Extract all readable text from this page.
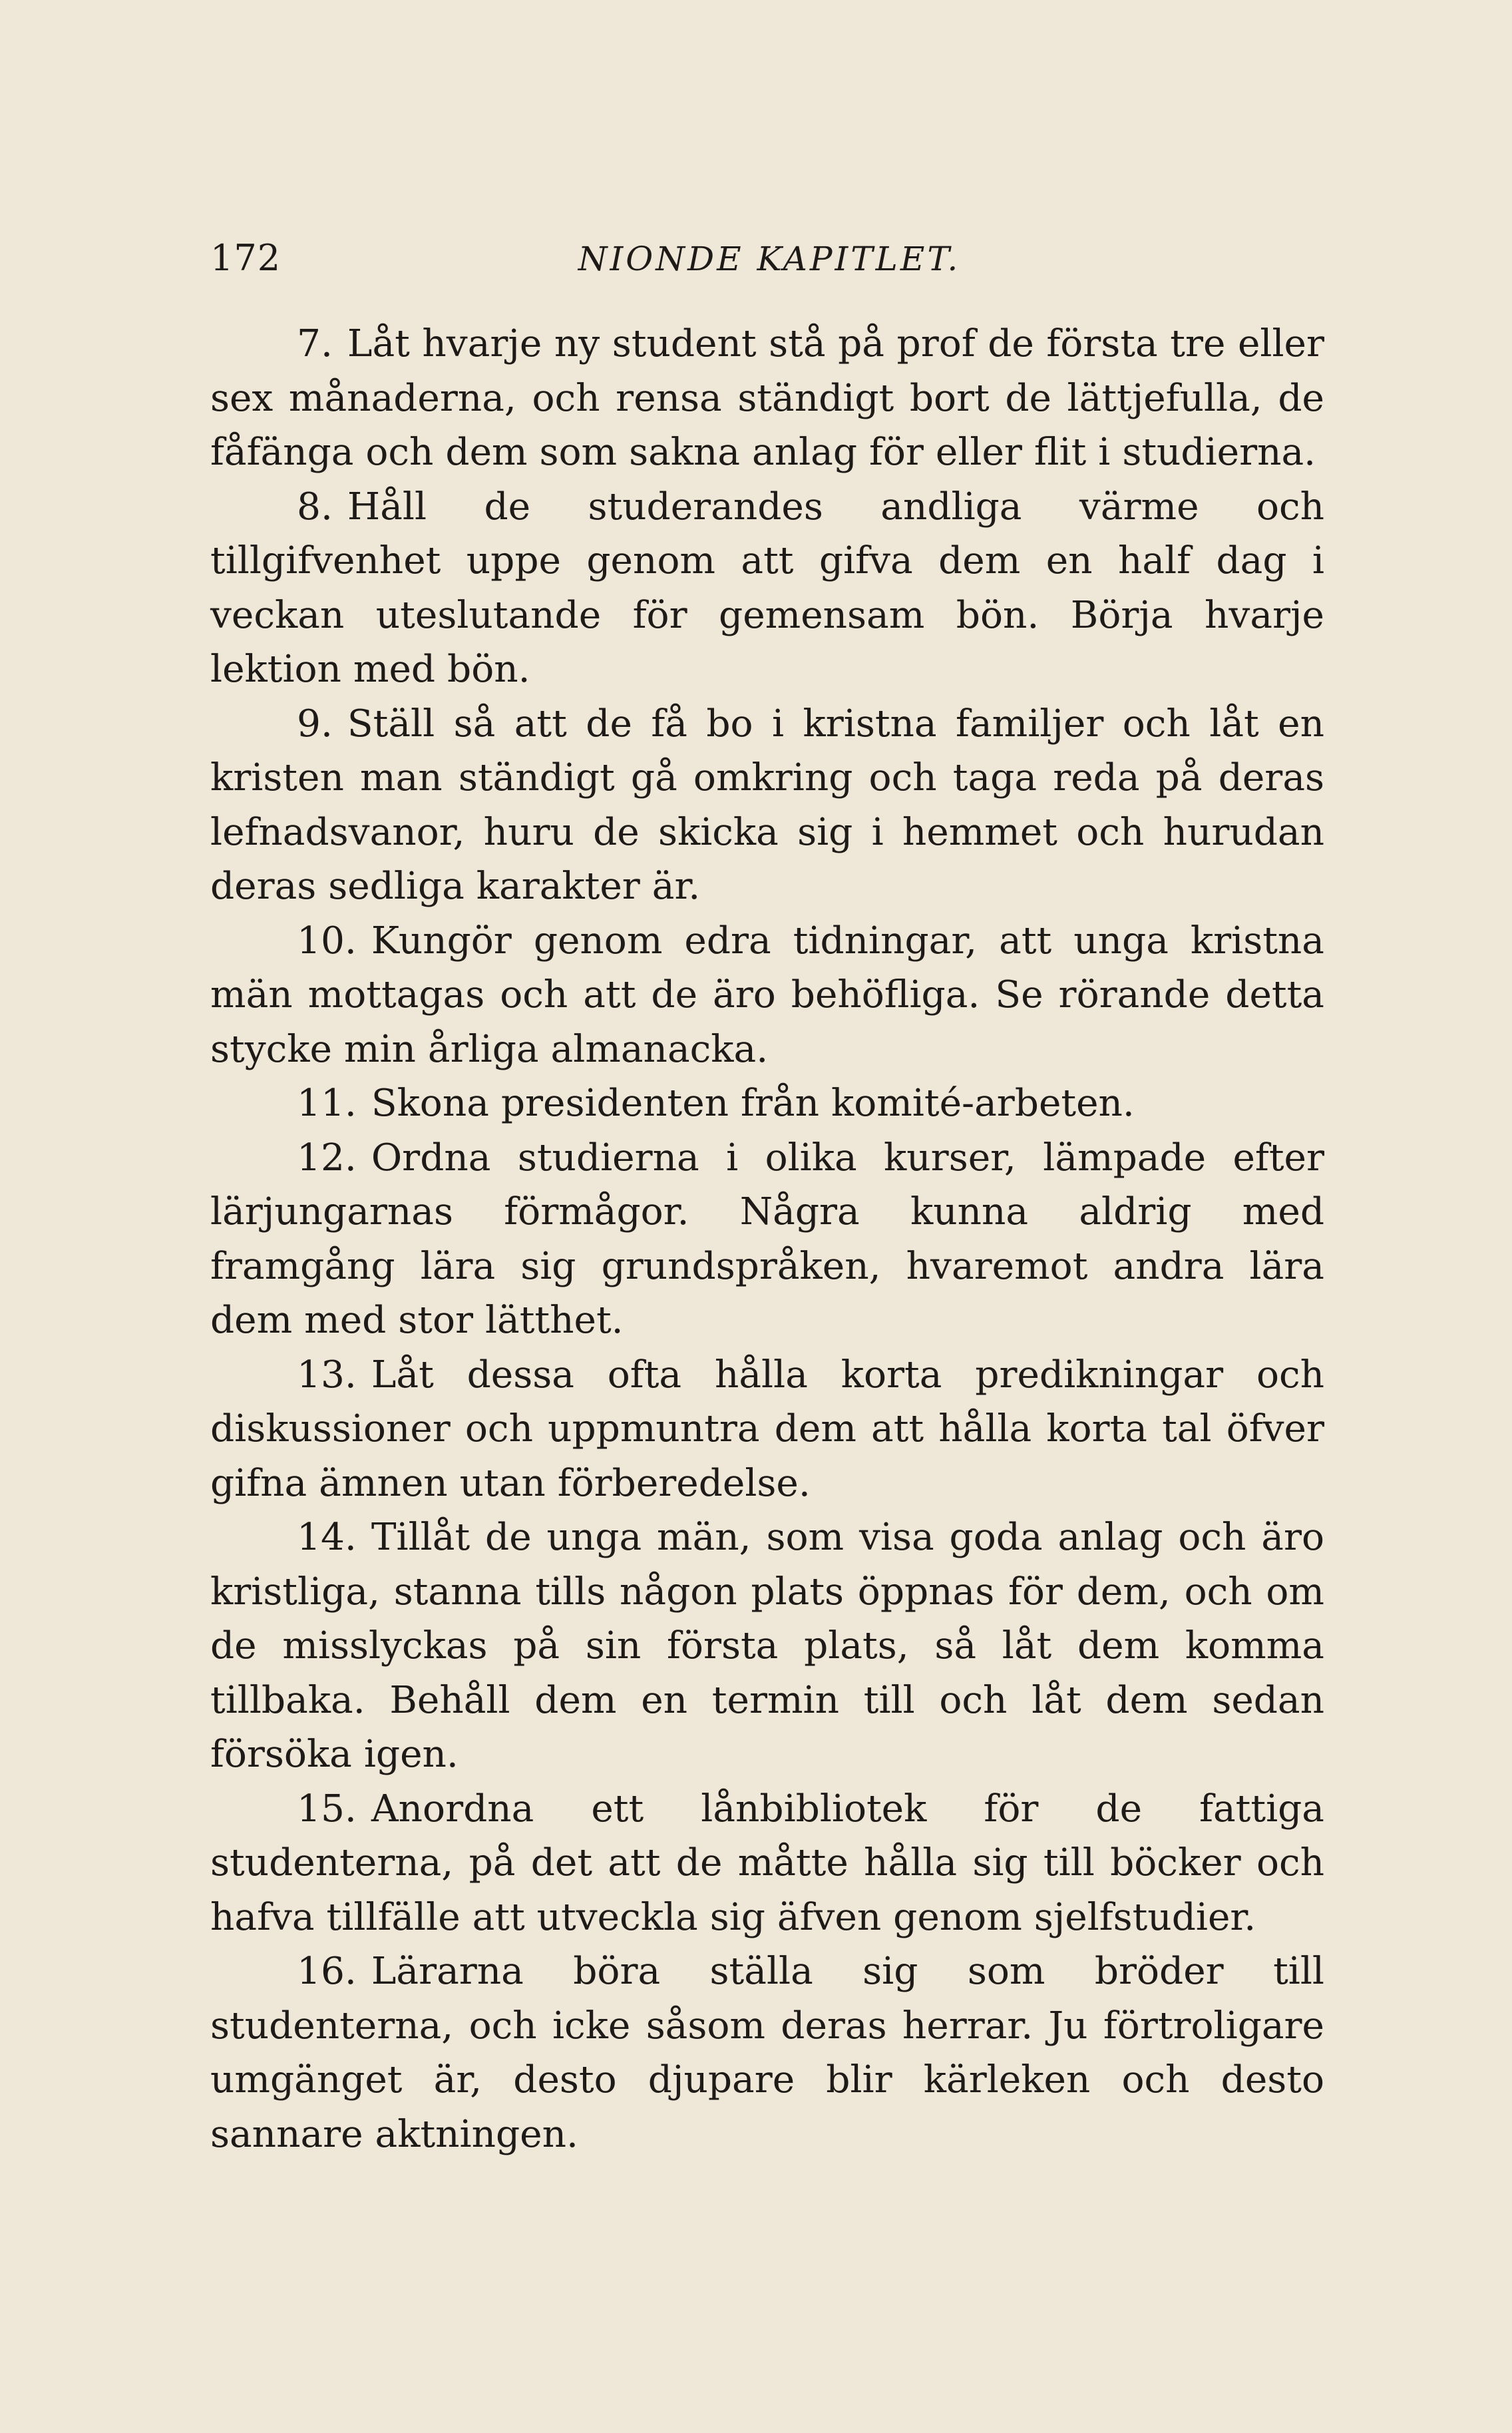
172	NIONDE KAPITLET.

7. Låt hvarje ny student stå på prof de första tre eller sex månaderna, och rensa ständigt bort de lättjefulla, de fåfänga och dem som sakna anlag för eller flit i studierna.

8. Håll de studerandes andliga värme och tillgifvenhet uppe genom att gifva dem en half dag i veckan uteslutande för gemensam bön. Börja hvarje lektion med bön.

9. Ställ så att de få bo i kristna familjer och låt en kristen man ständigt gå omkring och taga reda på deras lefnadsvanor, huru de skicka sig i hemmet och hurudan deras sedliga karakter är.

10. Kungör genom edra tidningar, att unga kristna män mottagas och att de äro behöfliga. Se rörande detta stycke min årliga almanacka.

11. Skona presidenten från komité-arbeten.

12. Ordna studierna i olika kurser, lämpade efter lärjungarnas förmågor. Några kunna aldrig med framgång lära sig grundspråken, hvaremot andra lära dem med stor lätthet.

13. Låt dessa ofta hålla korta predikningar och diskussioner och uppmuntra dem att hålla korta tal öfver gifna ämnen utan förberedelse.

14. Tillåt de unga män, som visa goda anlag och äro kristliga, stanna tills någon plats öppnas för dem, och om de misslyckas på sin första plats, så låt dem komma tillbaka. Behåll dem en termin till och låt dem sedan försöka igen.

15. Anordna ett lånbibliotek för de fattiga studenterna, på det att de måtte hålla sig till böcker och hafva tillfälle att utveckla sig äfven genom sjelfstudier.

16. Lärarna böra ställa sig som bröder till studenterna, och icke såsom deras herrar. Ju förtroligare umgänget är, desto djupare blir kärleken och desto sannare aktningen.
